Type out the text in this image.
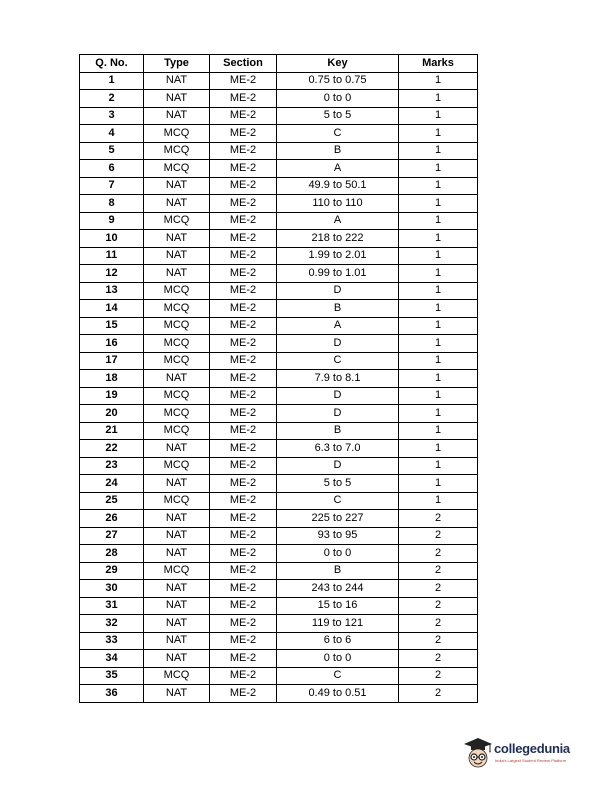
Q. No.	Type	Section	Key	Marks
1	NAT	ME-2	0.75 to 0.75	1
2	NAT	ME-2	0 to 0	1
3	NAT	ME-2	5 to 5	1
4	MCQ	ME-2	C	1
5	MCQ	ME-2	B	1
6	MCQ	ME-2	A	1
7	NAT	ME-2	49.9 to 50.1	1
8	NAT	ME-2	110 to 110	1
9	MCQ	ME-2	A	1
10	NAT	ME-2	218 to 222	1
11	NAT	ME-2	1.99 to 2.01	1
12	NAT	ME-2	0.99 to 1.01	1
13	MCQ	ME-2	D	1
14	MCQ	ME-2	B	1
15	MCQ	ME-2	A	1
16	MCQ	ME-2	D	1
17	MCQ	ME-2	C	1
18	NAT	ME-2	7.9 to 8.1	1
19	MCQ	ME-2	D	1
20	MCQ	ME-2	D	1
21	MCQ	ME-2	B	1
22	NAT	ME-2	6.3 to 7.0	1
23	MCQ	ME-2	D	1
24	NAT	ME-2	5 to 5	1
25	MCQ	ME-2	C	1
26	NAT	ME-2	225 to 227	2
27	NAT	ME-2	93 to 95	2
28	NAT	ME-2	0 to 0	2
29	MCQ	ME-2	B	2
30	NAT	ME-2	243 to 244	2
31	NAT	ME-2	15 to 16	2
32	NAT	ME-2	119 to 121	2
33	NAT	ME-2	6 to 6	2
34	NAT	ME-2	0 to 0	2
35	MCQ	ME-2	C	2
36	NAT	ME-2	0.49 to 0.51	2
collegedunia
India's Largest Student Review Platform
